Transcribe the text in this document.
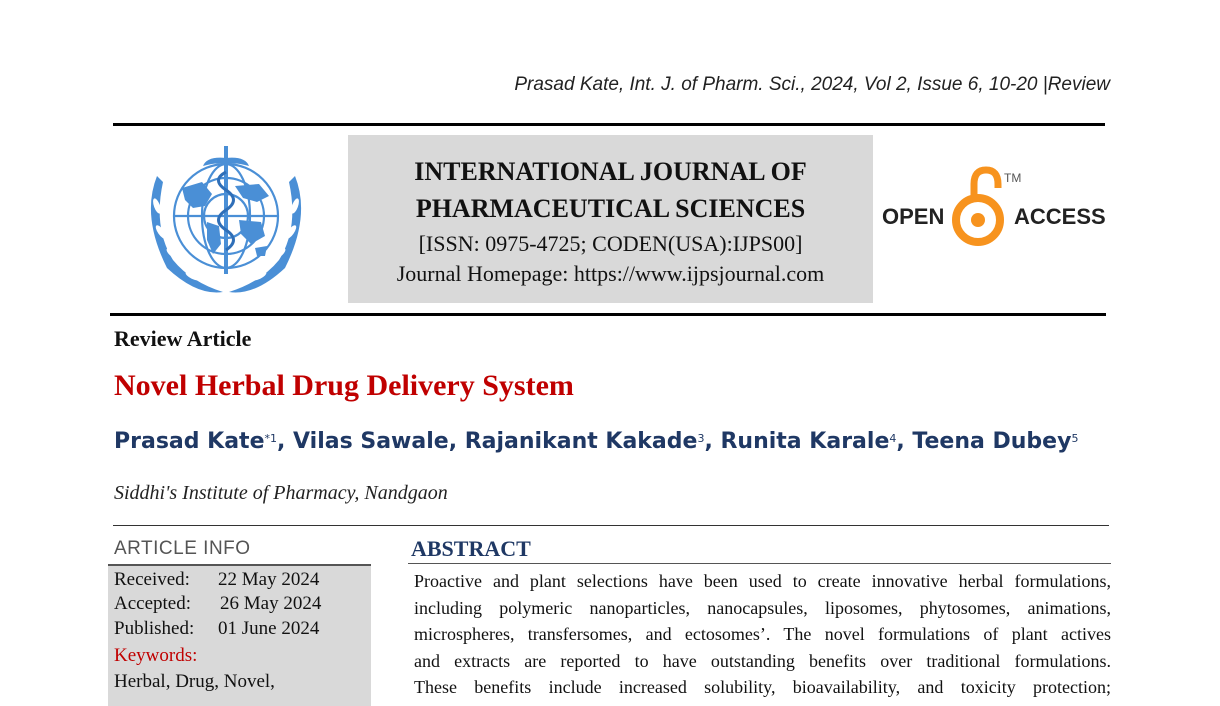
Prasad Kate, Int. J. of Pharm. Sci., 2024, Vol 2, Issue 6, 10-20 |Review
INTERNATIONAL JOURNAL OF
PHARMACEUTICAL SCIENCES
[ISSN: 0975-4725; CODEN(USA):IJPS00]
Journal Homepage: https://www.ijpsjournal.com
OPEN	ACCESS
TM
Review Article
Novel Herbal Drug Delivery System
Prasad Kate$^{*1}$, Vilas Sawale, Rajanikant Kakade$^3$, Runita Karale$^4$, Teena Dubey$^5$
Siddhi's Institute of Pharmacy, Nandgaon
ARTICLE INFO
Received: 22 May 2024
Accepted: 26 May 2024
Published: 01 June 2024
Keywords:
Herbal, Drug, Novel,
ABSTRACT
Proactive and plant selections have been used to create innovative herbal formulations,
including polymeric nanoparticles, nanocapsules, liposomes, phytosomes, animations,
microspheres, transfersomes, and ectosomes’. The novel formulations of plant actives
and extracts are reported to have outstanding benefits over traditional formulations.
These benefits include increased solubility, bioavailability, and toxicity protection;
